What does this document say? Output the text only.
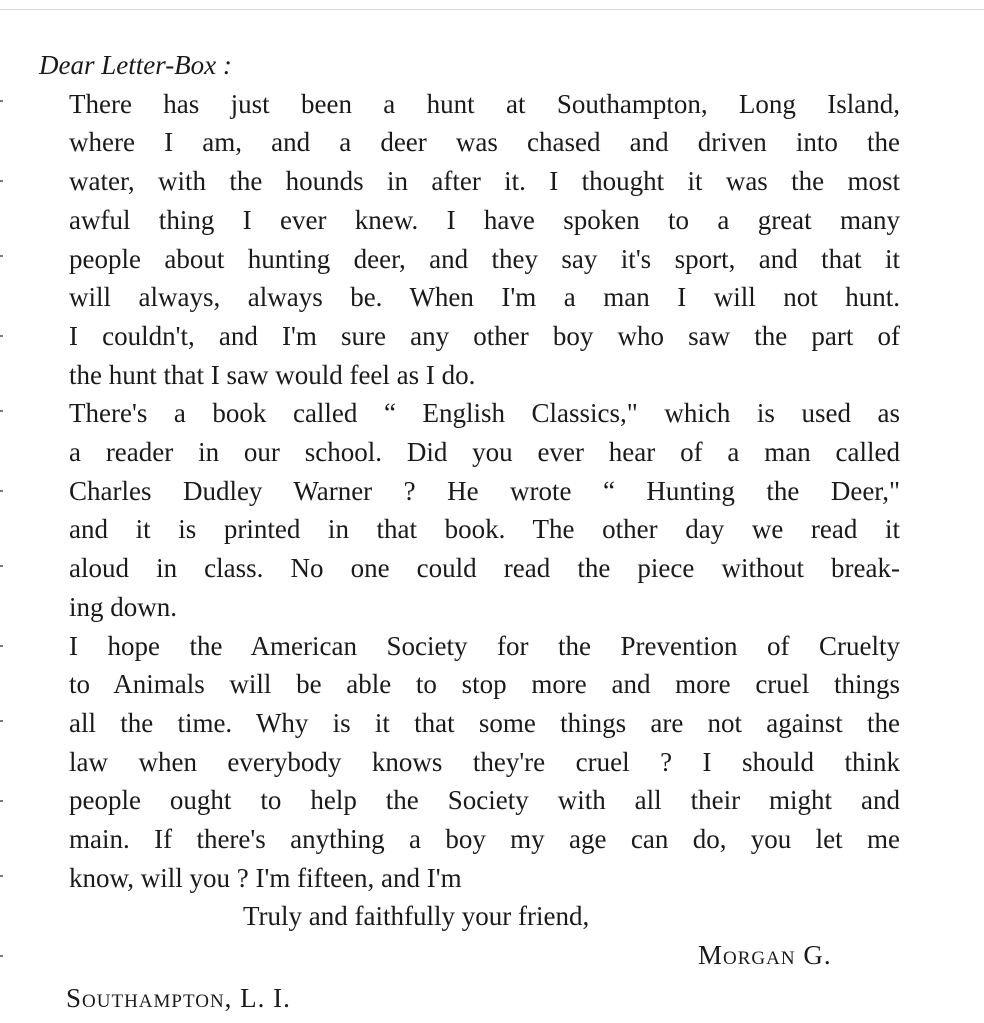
Dear Letter-Box :

There has just been a hunt at Southampton, Long Island,
where I am, and a deer was chased and driven into the
water, with the hounds in after it. I thought it was the most
awful thing I ever knew. I have spoken to a great many
people about hunting deer, and they say it's sport, and that it
will always, always be. When I'm a man I will not hunt.
I couldn't, and I'm sure any other boy who saw the part of
the hunt that I saw would feel as I do.

There's a book called “ English Classics," which is used as
a reader in our school. Did you ever hear of a man called
Charles Dudley Warner ? He wrote “ Hunting the Deer,"
and it is printed in that book. The other day we read it
aloud in class. No one could read the piece without break-
ing down.

I hope the American Society for the Prevention of Cruelty
to Animals will be able to stop more and more cruel things
all the time. Why is it that some things are not against the
law when everybody knows they're cruel ? I should think
people ought to help the Society with all their might and
main. If there's anything a boy my age can do, you let me
know, will you ? I'm fifteen, and I'm

Truly and faithfully your friend,

Morgan G.

Southampton, L. I.
